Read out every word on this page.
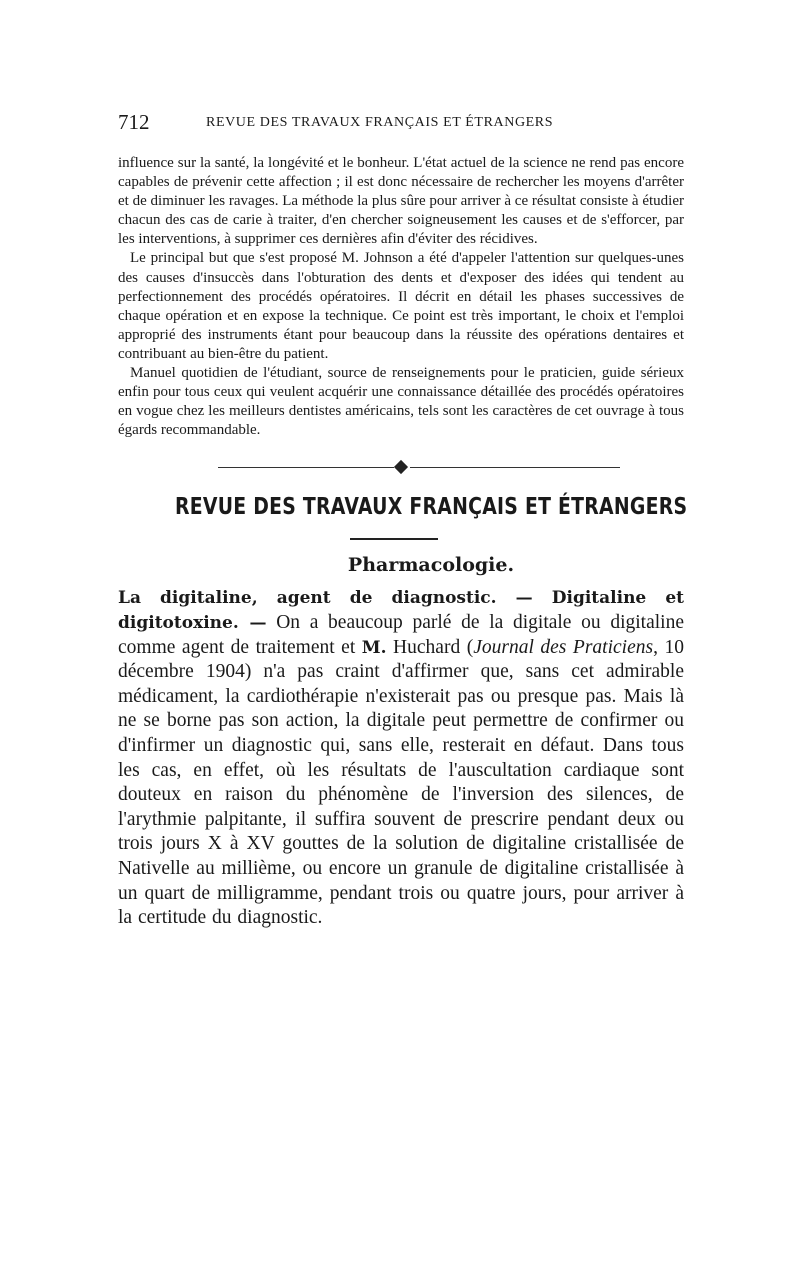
712	REVUE DES TRAVAUX FRANÇAIS ET ÉTRANGERS

influence sur la santé, la longévité et le bonheur. L'état actuel de la science ne rend pas encore capables de prévenir cette affection ; il est donc nécessaire de rechercher les moyens d'arrêter et de diminuer les ravages. La méthode la plus sûre pour arriver à ce résultat consiste à étudier chacun des cas de carie à traiter, d'en chercher soigneusement les causes et de s'efforcer, par les interventions, à supprimer ces dernières afin d'éviter des récidives.

Le principal but que s'est proposé M. Johnson a été d'appeler l'attention sur quelques-unes des causes d'insuccès dans l'obturation des dents et d'exposer des idées qui tendent au perfectionnement des procédés opératoires. Il décrit en détail les phases successives de chaque opération et en expose la technique. Ce point est très important, le choix et l'emploi approprié des instruments étant pour beaucoup dans la réussite des opérations dentaires et contribuant au bien-être du patient.

Manuel quotidien de l'étudiant, source de renseignements pour le praticien, guide sérieux enfin pour tous ceux qui veulent acquérir une connaissance détaillée des procédés opératoires en vogue chez les meilleurs dentistes américains, tels sont les caractères de cet ouvrage à tous égards recommandable.

REVUE DES TRAVAUX FRANÇAIS ET ÉTRANGERS
Pharmacologie.

La digitaline, agent de diagnostic. — Digitaline et digitotoxine. — On a beaucoup parlé de la digitale ou digitaline comme agent de traitement et M. Huchard (Journal des Praticiens, 10 décembre 1904) n'a pas craint d'affirmer que, sans cet admirable médicament, la cardiothérapie n'existerait pas ou presque pas. Mais là ne se borne pas son action, la digitale peut permettre de confirmer ou d'infirmer un diagnostic qui, sans elle, resterait en défaut. Dans tous les cas, en effet, où les résultats de l'auscultation cardiaque sont douteux en raison du phénomène de l'inversion des silences, de l'arythmie palpitante, il suffira souvent de prescrire pendant deux ou trois jours X à XV gouttes de la solution de digitaline cristallisée de Nativelle au millième, ou encore un granule de digitaline cristallisée à un quart de milligramme, pendant trois ou quatre jours, pour arriver à la certitude du diagnostic.
